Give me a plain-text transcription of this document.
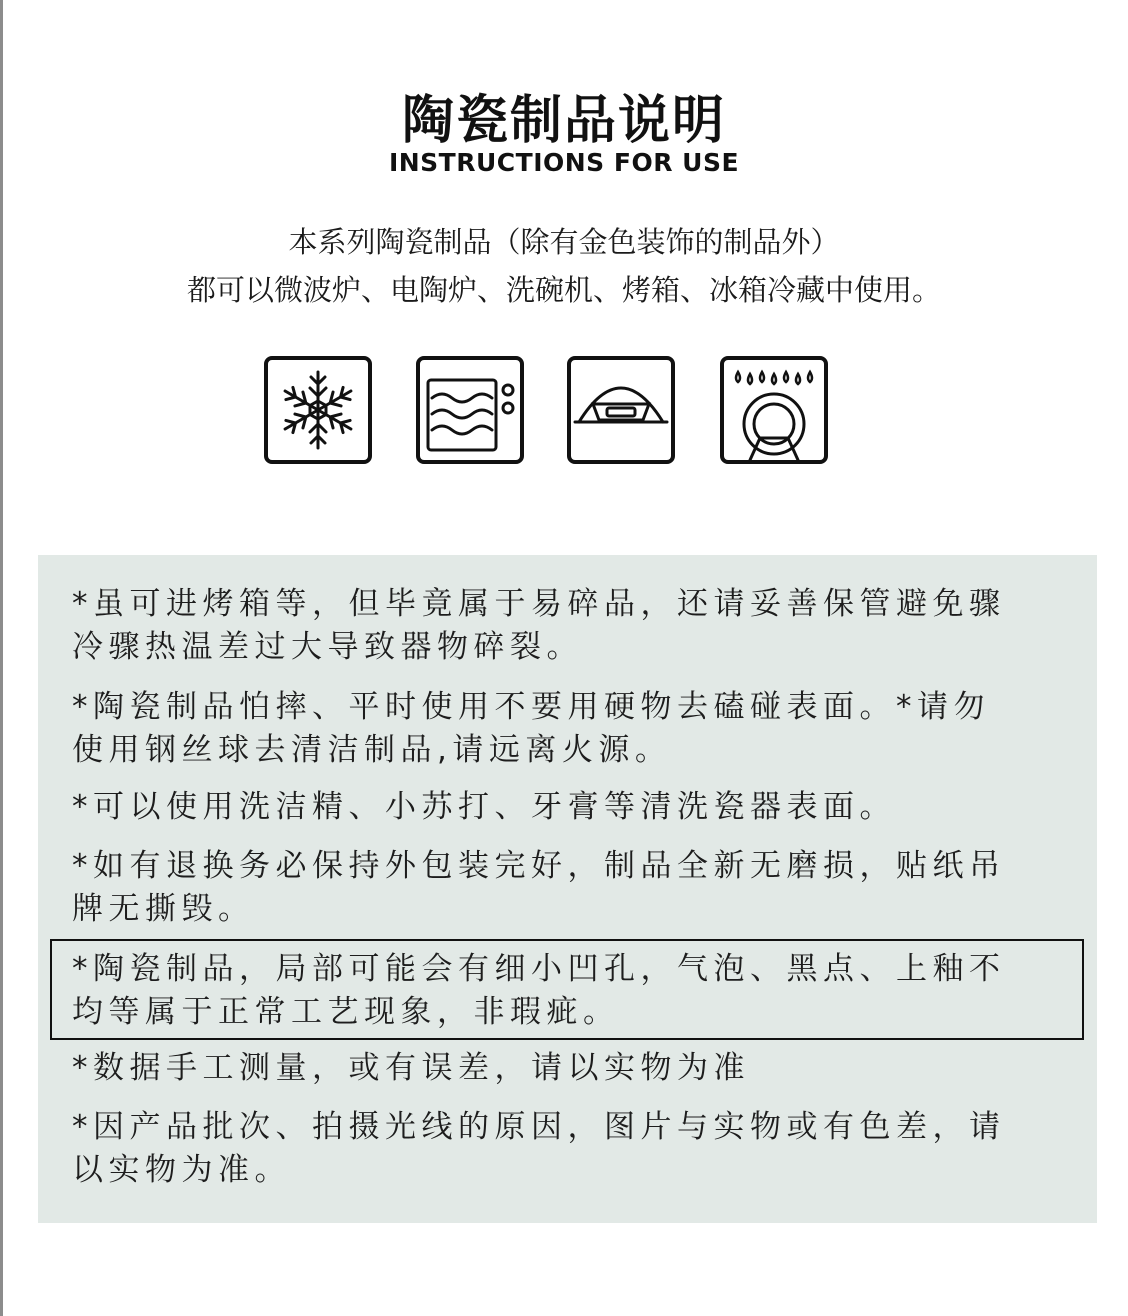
陶瓷制品说明
INSTRUCTIONS FOR USE
本系列陶瓷制品（除有金色装饰的制品外）
都可以微波炉、电陶炉、洗碗机、烤箱、冰箱冷藏中使用。
*虽可进烤箱等，但毕竟属于易碎品，还请妥善保管避免骤
冷骤热温差过大导致器物碎裂。
*陶瓷制品怕摔、平时使用不要用硬物去磕碰表面。*请勿
使用钢丝球去清洁制品,请远离火源。
*可以使用洗洁精、小苏打、牙膏等清洗瓷器表面。
*如有退换务必保持外包装完好，制品全新无磨损，贴纸吊
牌无撕毁。
*陶瓷制品，局部可能会有细小凹孔，气泡、黑点、上釉不
均等属于正常工艺现象，非瑕疵。
*数据手工测量，或有误差，请以实物为准
*因产品批次、拍摄光线的原因，图片与实物或有色差，请
以实物为准。
